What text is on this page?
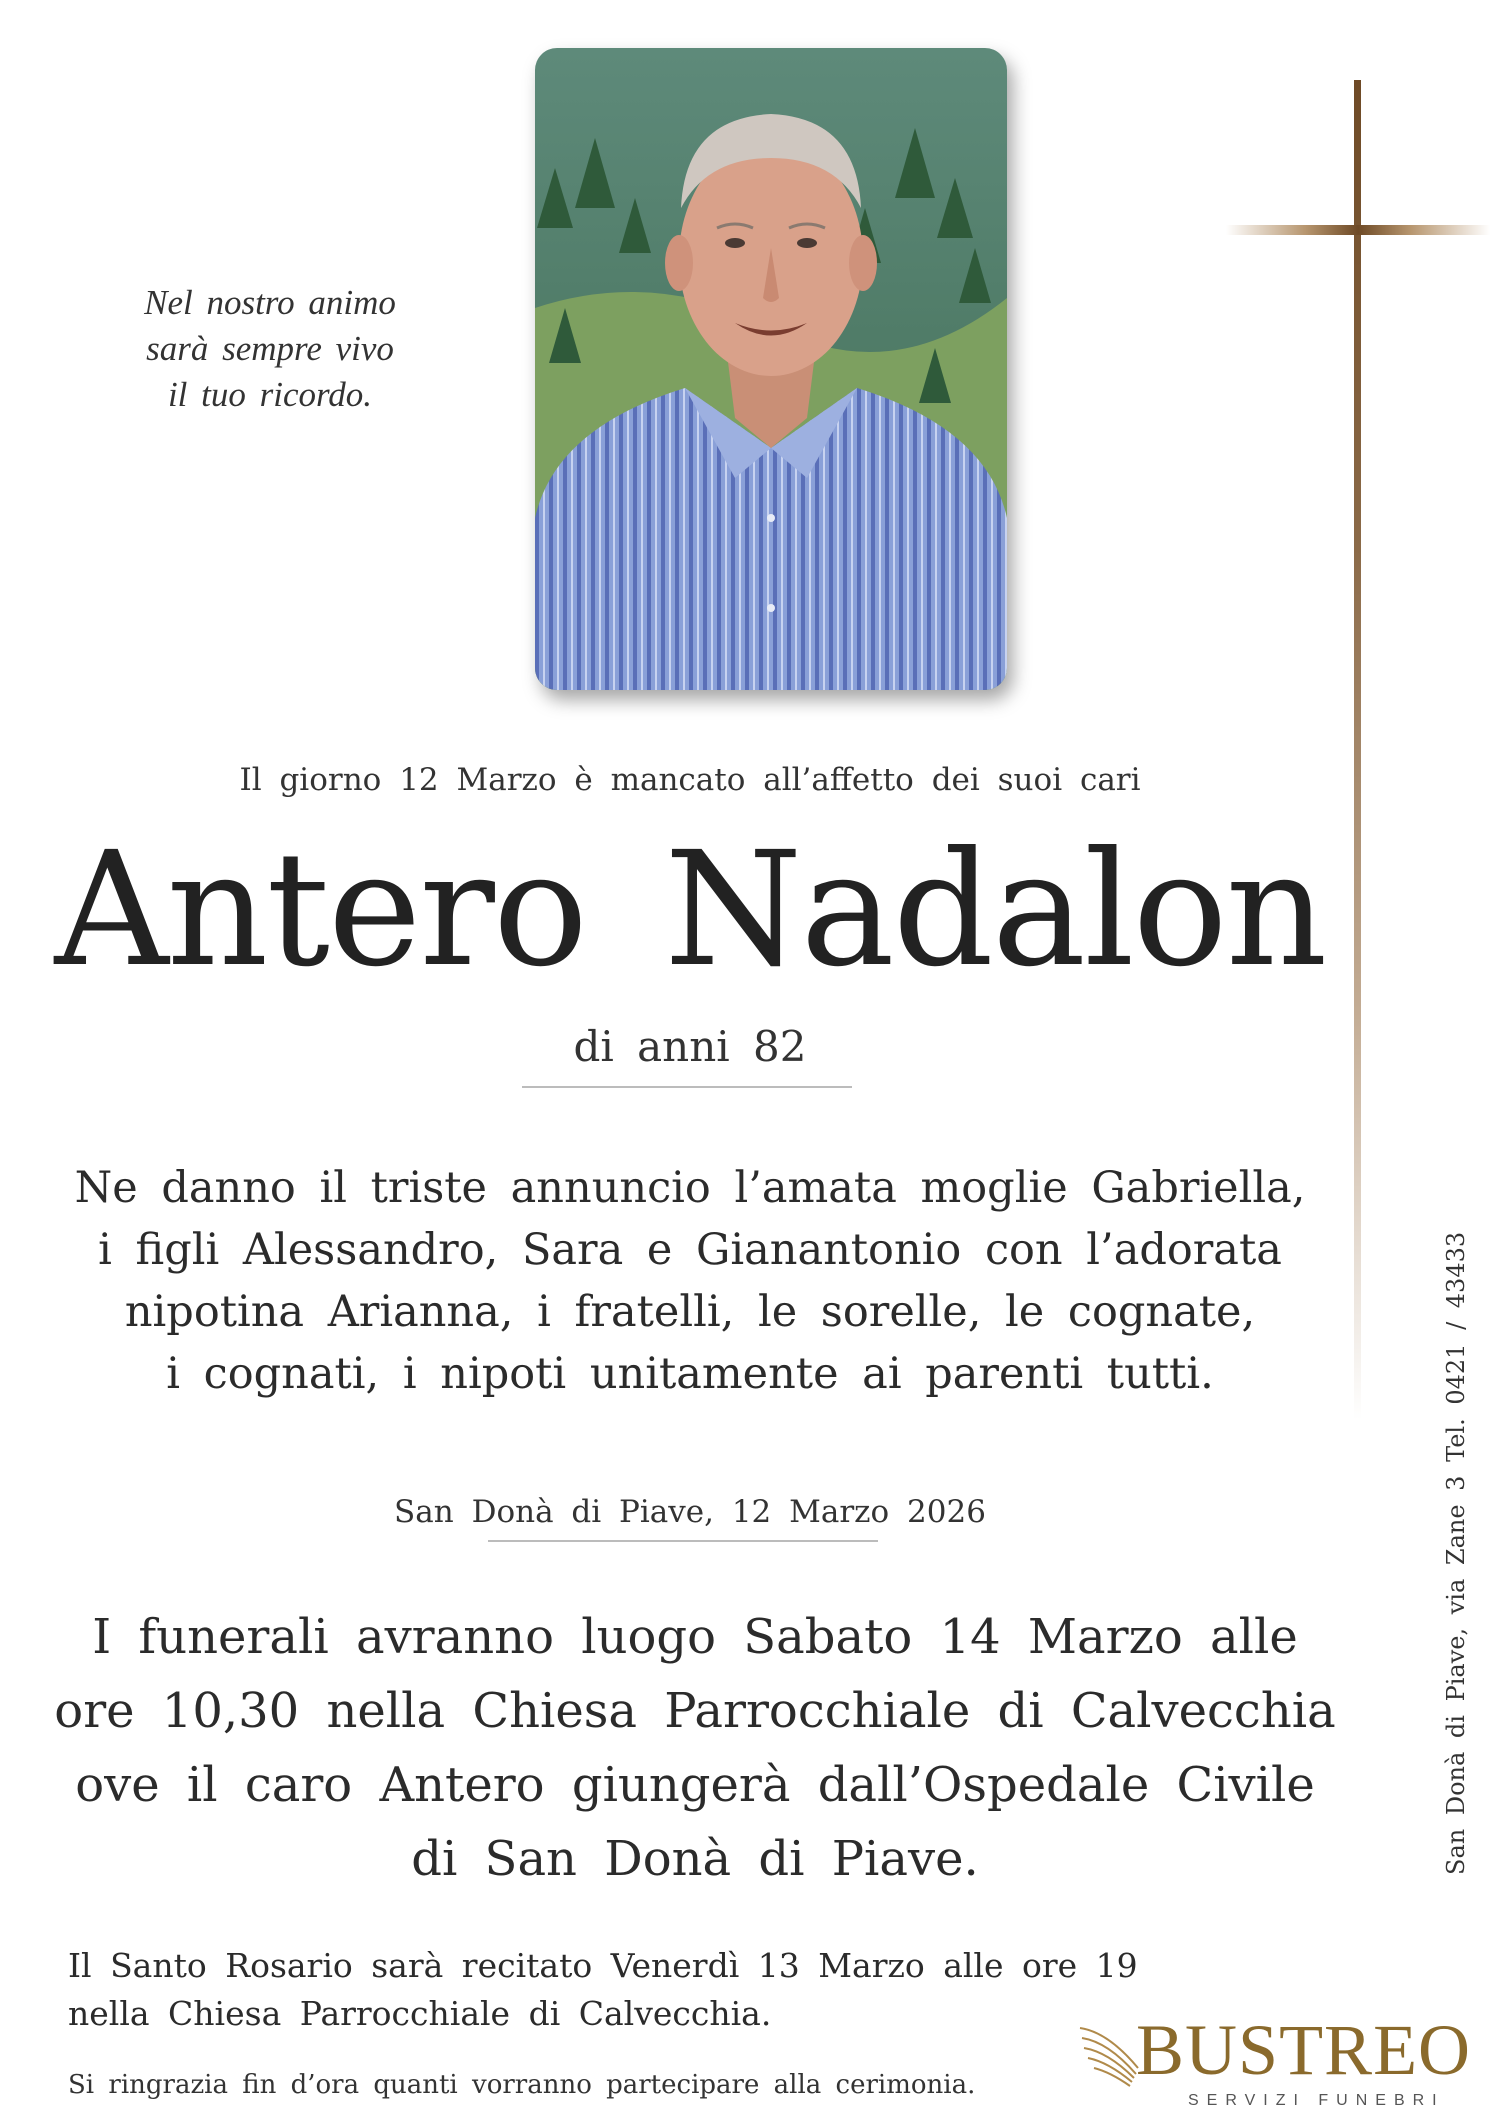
Nel nostro animo
sarà sempre vivo
il tuo ricordo.
Il giorno 12 Marzo è mancato all’affetto dei suoi cari
Antero Nadalon
di anni 82
Ne danno il triste annuncio l’amata moglie Gabriella,
i figli Alessandro, Sara e Gianantonio con l’adorata
nipotina Arianna, i fratelli, le sorelle, le cognate,
i cognati, i nipoti unitamente ai parenti tutti.
San Donà di Piave, 12 Marzo 2026
I funerali avranno luogo Sabato 14 Marzo alle
ore 10,30 nella Chiesa Parrocchiale di Calvecchia
ove il caro Antero giungerà dall’Ospedale Civile
di San Donà di Piave.
Il Santo Rosario sarà recitato Venerdì 13 Marzo alle ore 19
nella Chiesa Parrocchiale di Calvecchia.
Si ringrazia fin d’ora quanti vorranno partecipare alla cerimonia.
San Donà di Piave, via Zane 3 Tel. 0421 / 43433
BUSTREO
SERVIZI FUNEBRI
